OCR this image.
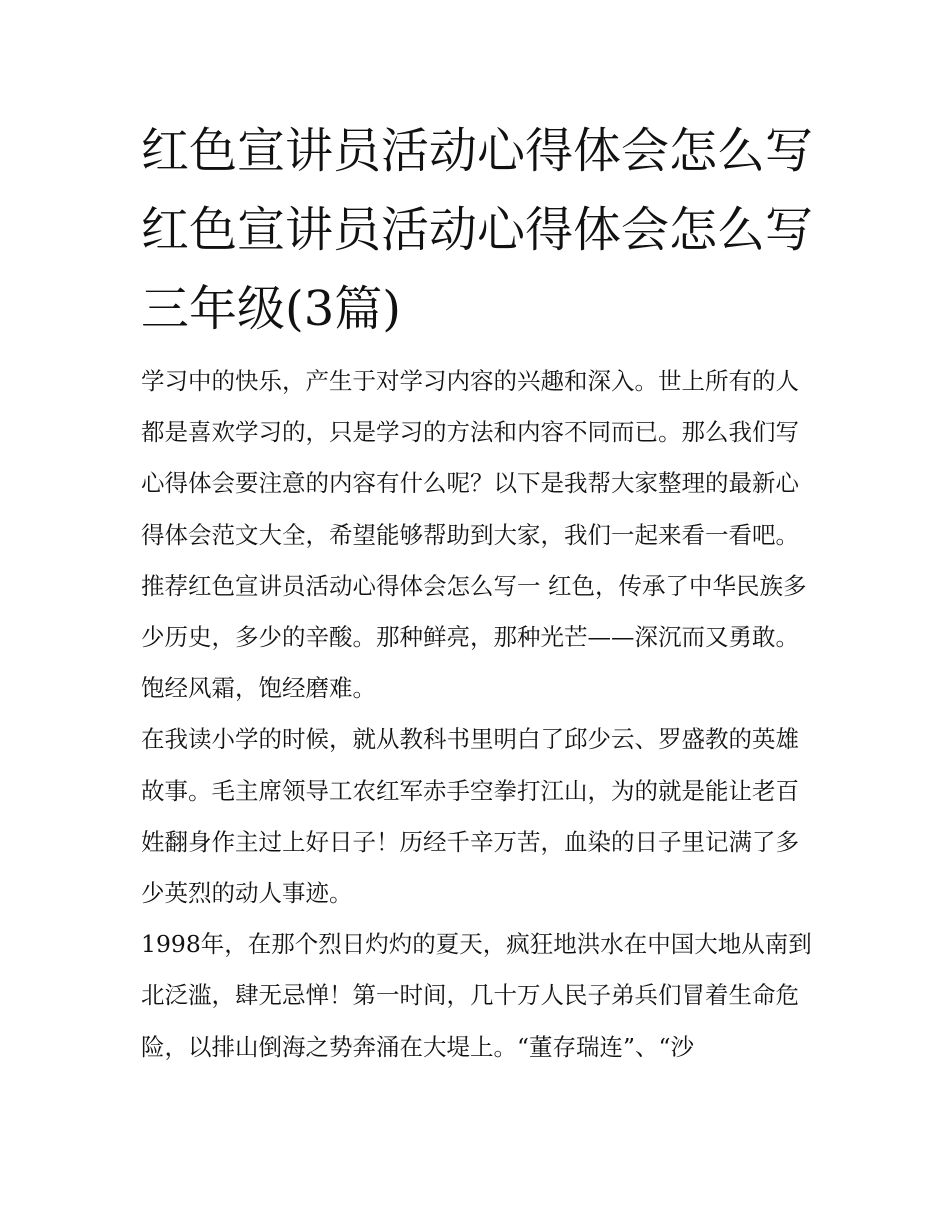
红色宣讲员活动心得体会怎么写 红色宣讲员活动心得体会怎么写三年级(3篇)

学习中的快乐，产生于对学习内容的兴趣和深入。世上所有的人都是喜欢学习的，只是学习的方法和内容不同而已。那么我们写心得体会要注意的内容有什么呢？以下是我帮大家整理的最新心得体会范文大全，希望能够帮助到大家，我们一起来看一看吧。

推荐红色宣讲员活动心得体会怎么写一 红色，传承了中华民族多少历史，多少的辛酸。那种鲜亮，那种光芒——深沉而又勇敢。饱经风霜，饱经磨难。

在我读小学的时候，就从教科书里明白了邱少云、罗盛教的英雄故事。毛主席领导工农红军赤手空拳打江山，为的就是能让老百姓翻身作主过上好日子！历经千辛万苦，血染的日子里记满了多少英烈的动人事迹。

1998年，在那个烈日灼灼的夏天，疯狂地洪水在中国大地从南到北泛滥，肆无忌惮！第一时间，几十万人民子弟兵们冒着生命危险，以排山倒海之势奔涌在大堤上。“董存瑞连”、“沙
